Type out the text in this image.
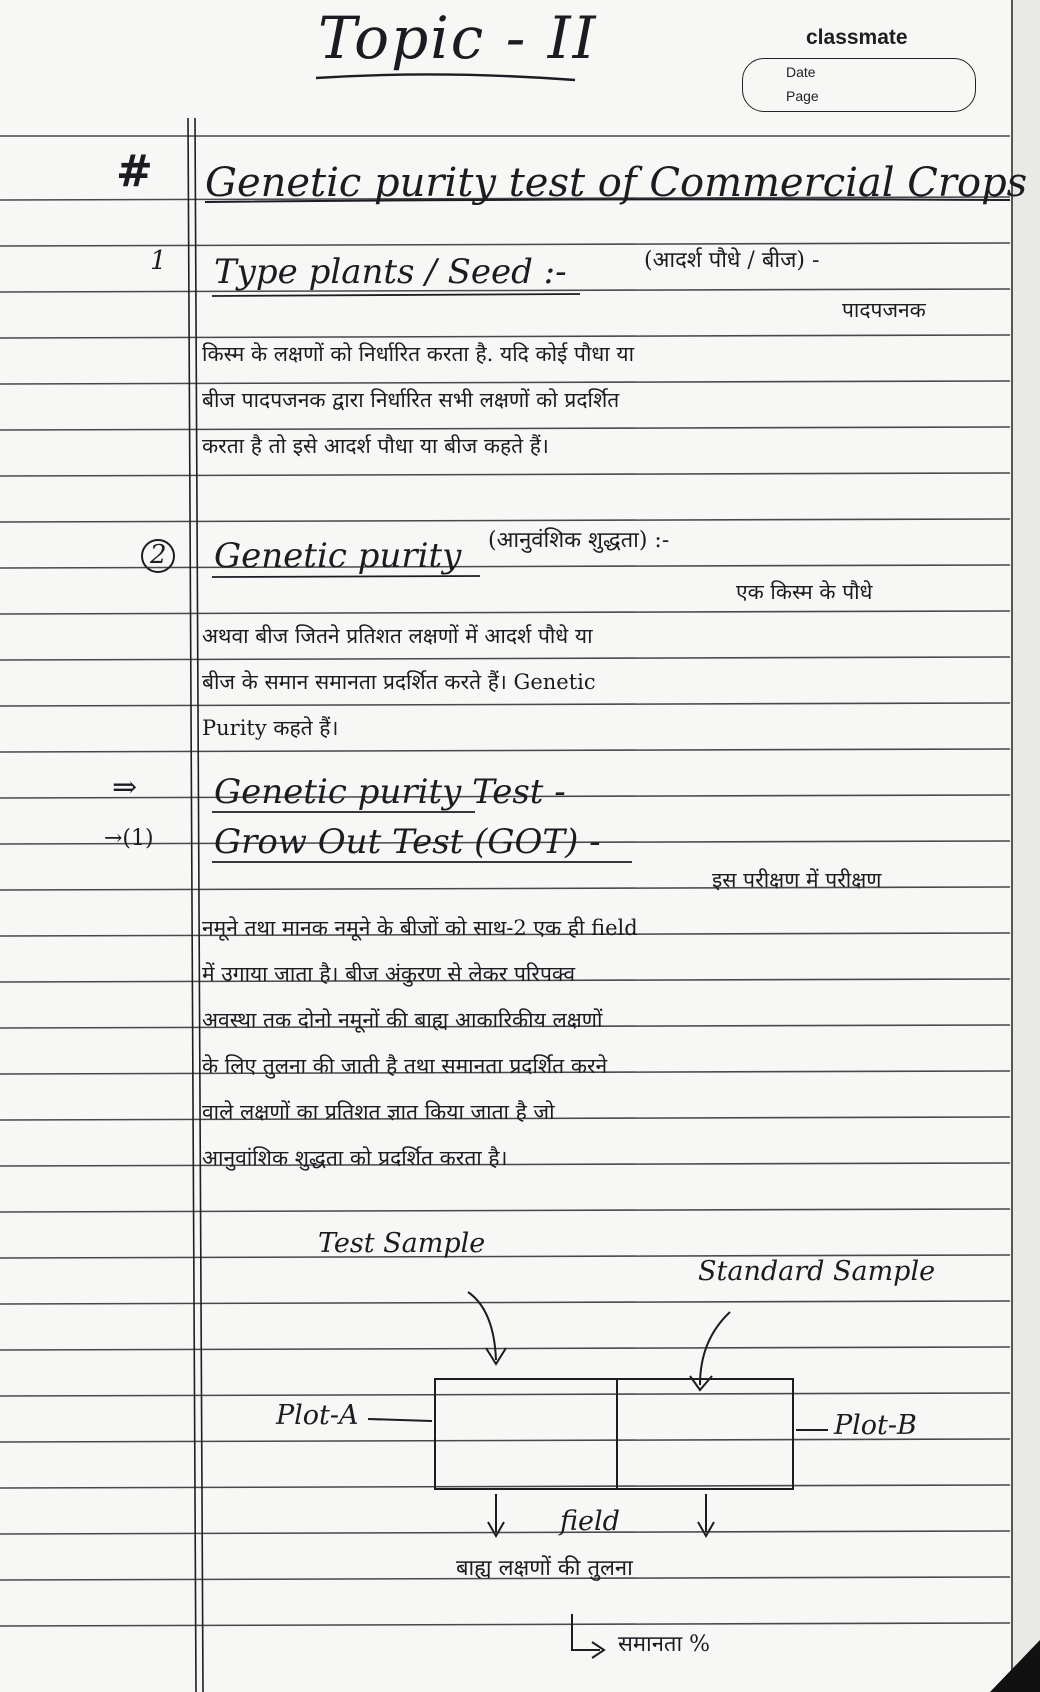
classmate
Date
Page
Topic - II
# Genetic purity test of Commercial Crops
1 Type plants / Seed :-	(आदर्श पौधे / बीज) -
पादपजनक
किस्म के लक्षणों को निर्धारित करता है. यदि कोई पौधा या
बीज पादपजनक द्वारा निर्धारित सभी लक्षणों को प्रदर्शित
करता है तो इसे आदर्श पौधा या बीज कहते हैं।
2 Genetic purity (आनुवंशिक शुद्धता) :-
एक किस्म के पौधे
अथवा बीज जितने प्रतिशत लक्षणों में आदर्श पौधे या
बीज के समान समानता प्रदर्शित करते हैं। Genetic
Purity कहते हैं।
⇒ Genetic purity Test -
→(1) Grow Out Test (GOT) -
इस परीक्षण में परीक्षण
नमूने तथा मानक नमूने के बीजों को साथ-2 एक ही field
में उगाया जाता है। बीज अंकुरण से लेकर परिपक्व
अवस्था तक दोनो नमूनों की बाह्य आकारिकीय लक्षणों
के लिए तुलना की जाती है तथा समानता प्रदर्शित करने
वाले लक्षणों का प्रतिशत ज्ञात किया जाता है जो
आनुवांशिक शुद्धता को प्रदर्शित करता है।
Test Sample
Standard Sample
Plot-A	Plot-B
field
बाह्य लक्षणों की तुलना
समानता %
